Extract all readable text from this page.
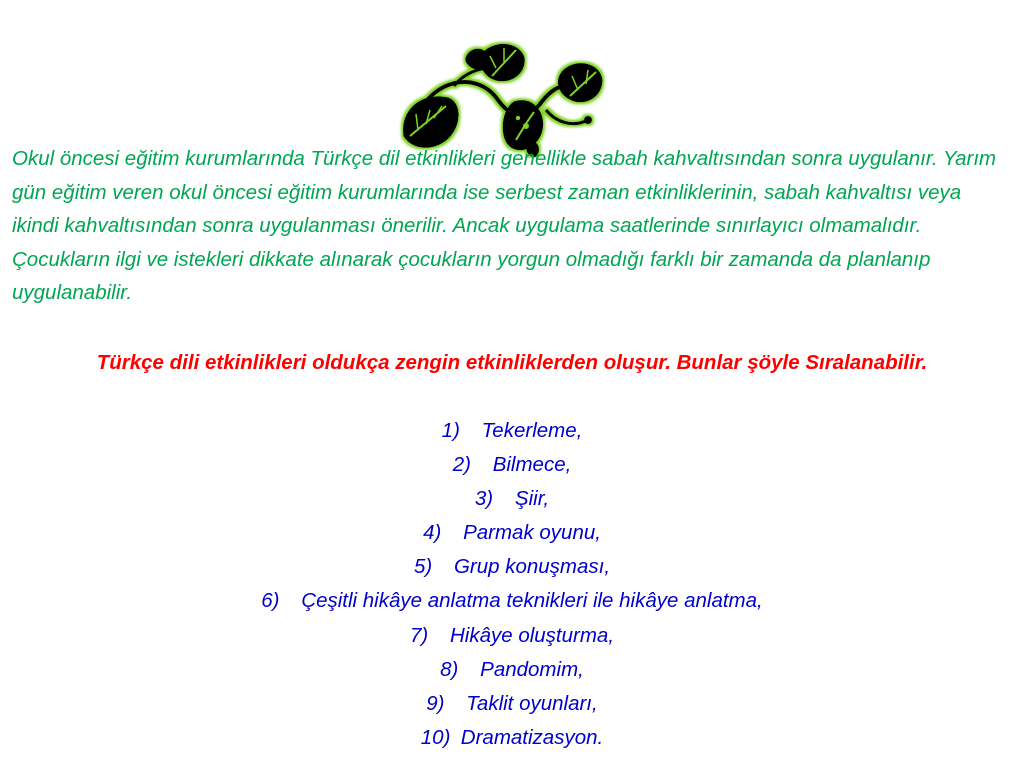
Okul öncesi eğitim kurumlarında Türkçe dil etkinlikleri genellikle sabah kahvaltısından sonra uygulanır. Yarım gün eğitim veren okul öncesi eğitim kurumlarında ise serbest zaman etkinliklerinin, sabah kahvaltısı veya ikindi kahvaltısından sonra uygulanması önerilir. Ancak uygulama saatlerinde sınırlayıcı olmamalıdır. Çocukların ilgi ve istekleri dikkate alınarak çocukların yorgun olmadığı farklı bir zamanda da planlanıp uygulanabilir.

Türkçe dili etkinlikleri oldukça zengin etkinliklerden oluşur. Bunlar şöyle Sıralanabilir.

1) Tekerleme,
2) Bilmece,
3) Şiir,
4) Parmak oyunu,
5) Grup konuşması,
6) Çeşitli hikâye anlatma teknikleri ile hikâye anlatma,
7) Hikâye oluşturma,
8) Pandomim,
9) Taklit oyunları,
10) Dramatizasyon.
